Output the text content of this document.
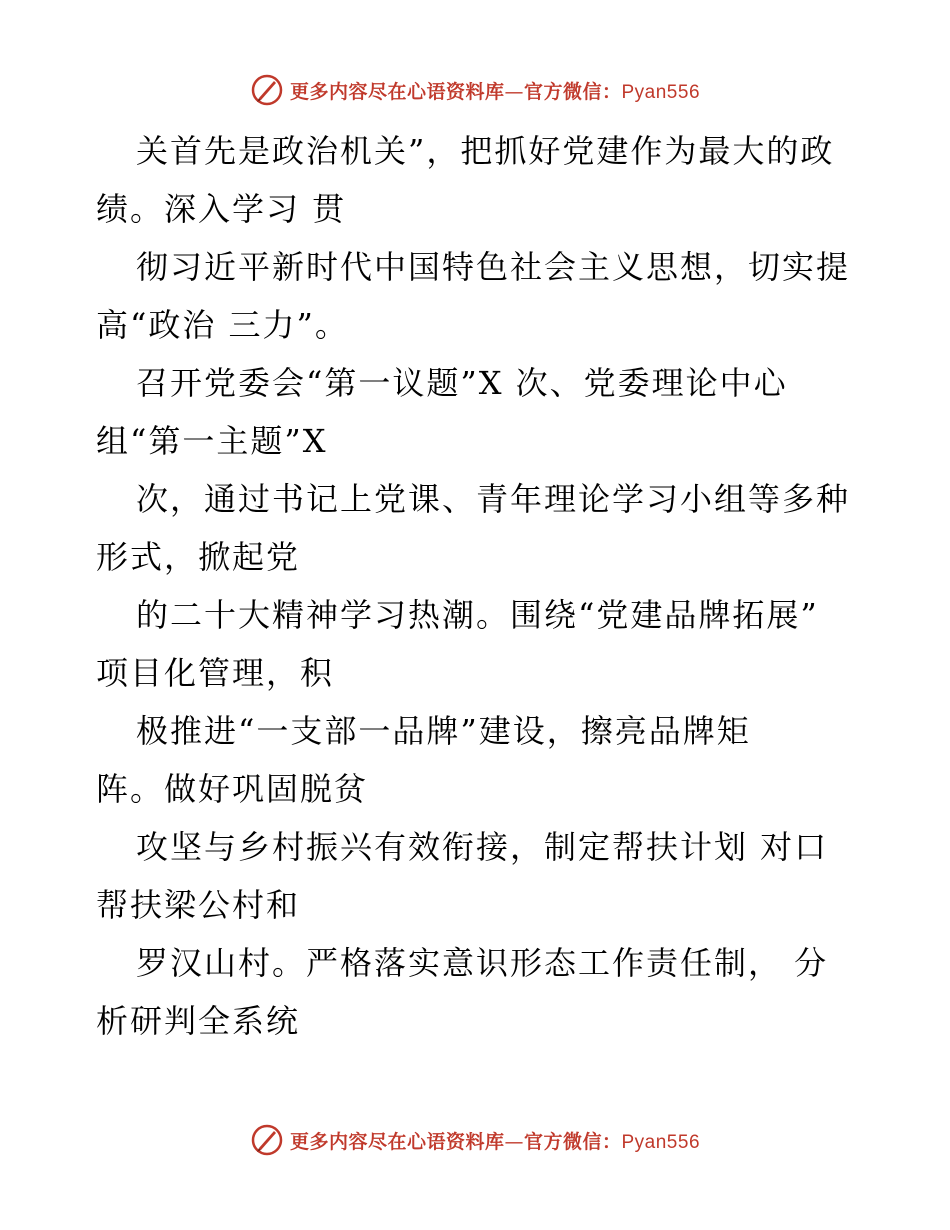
更多内容尽在心语资料库—官方微信：Pyan556
关首先是政治机关”，把抓好党建作为最大的政
绩。深入学习 贯
彻习近平新时代中国特色社会主义思想，切实提
高“政治 三力”。
召开党委会“第一议题”X 次、党委理论中心
组“第一主题”X
次，通过书记上党课、青年理论学习小组等多种
形式，掀起党
的二十大精神学习热潮。围绕“党建品牌拓展”
项目化管理，积
极推进“一支部一品牌”建设，擦亮品牌矩
阵。做好巩固脱贫
攻坚与乡村振兴有效衔接，制定帮扶计划 对口
帮扶梁公村和
罗汉山村。严格落实意识形态工作责任制， 分
析研判全系统
更多内容尽在心语资料库—官方微信：Pyan556
